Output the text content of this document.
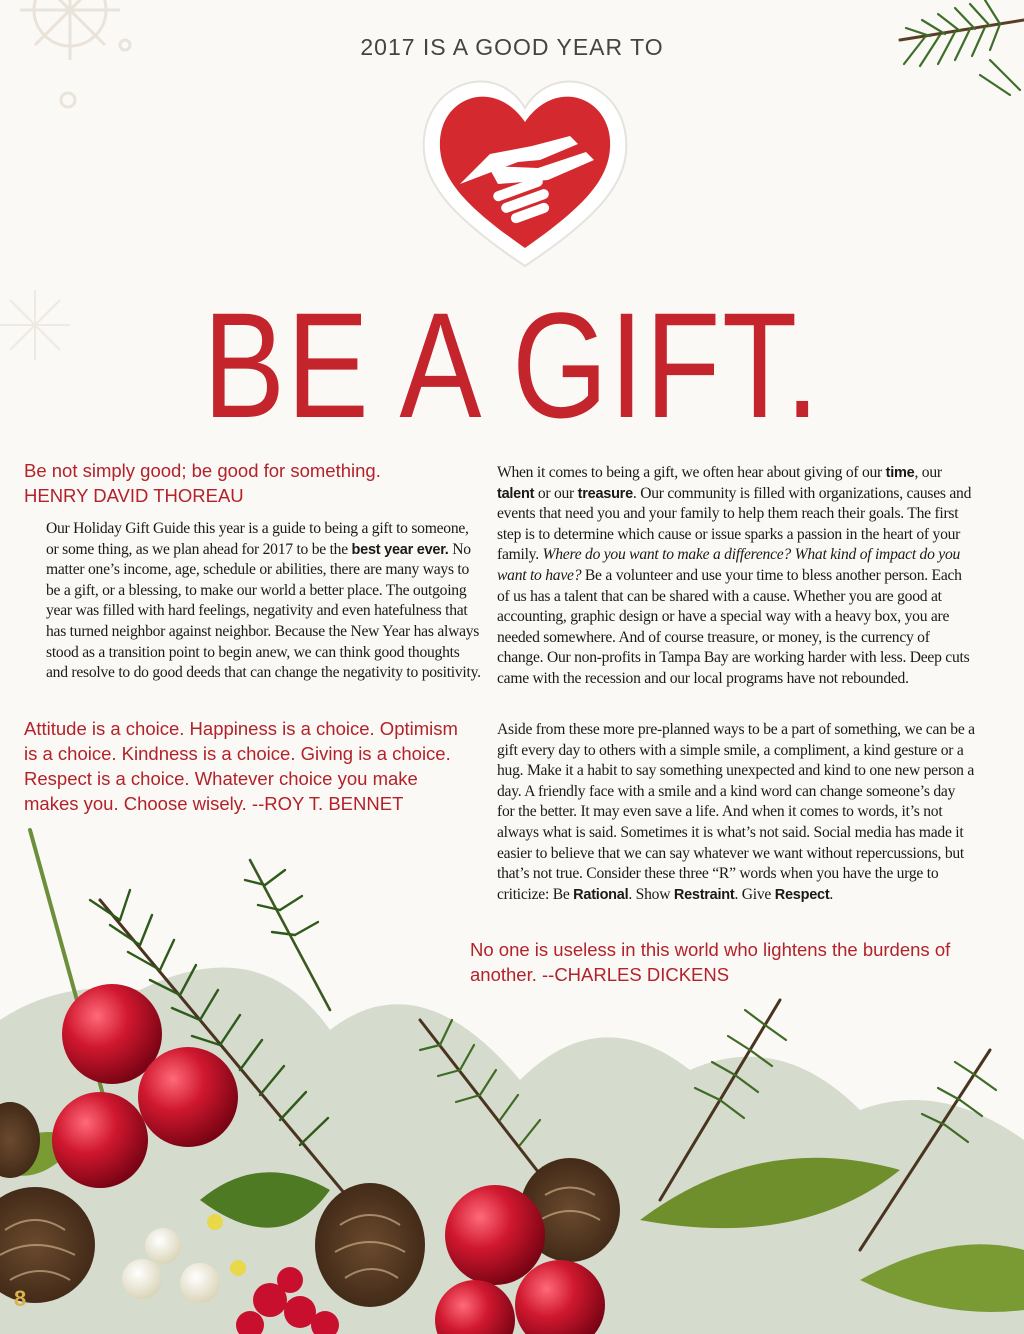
2017 IS A GOOD YEAR TO
BE A GIFT.
Be not simply good; be good for something.
HENRY DAVID THOREAU

Our Holiday Gift Guide this year is a guide to being a gift to someone, or some thing, as we plan ahead for 2017 to be the best year ever. No matter one’s income, age, schedule or abilities, there are many ways to be a gift, or a blessing, to make our world a better place. The outgoing year was filled with hard feelings, negativity and even hatefulness that has turned neighbor against neighbor. Because the New Year has always stood as a transition point to begin anew, we can think good thoughts and resolve to do good deeds that can change the negativity to positivity.

Attitude is a choice. Happiness is a choice. Optimism
is a choice. Kindness is a choice. Giving is a choice.
Respect is a choice. Whatever choice you make
makes you. Choose wisely. --ROY T. BENNET

When it comes to being a gift, we often hear about giving of our time, our talent or our treasure. Our community is filled with organizations, causes and events that need you and your family to help them reach their goals. The first step is to determine which cause or issue sparks a passion in the heart of your family. Where do you want to make a difference? What kind of impact do you want to have? Be a volunteer and use your time to bless another person. Each of us has a talent that can be shared with a cause. Whether you are good at accounting, graphic design or have a special way with a heavy box, you are needed somewhere. And of course treasure, or money, is the currency of change. Our non-profits in Tampa Bay are working harder with less. Deep cuts came with the recession and our local programs have not rebounded.

Aside from these more pre-planned ways to be a part of something, we can be a gift every day to others with a simple smile, a compliment, a kind gesture or a hug. Make it a habit to say something unexpected and kind to one new person a day. A friendly face with a smile and a kind word can change someone’s day for the better. It may even save a life. And when it comes to words, it’s not always what is said. Sometimes it is what’s not said. Social media has made it easier to believe that we can say whatever we want without repercussions, but that’s not true. Consider these three “R” words when you have the urge to criticize: Be Rational. Show Restraint. Give Respect.

No one is useless in this world who lightens the burdens of
another. --CHARLES DICKENS
8
